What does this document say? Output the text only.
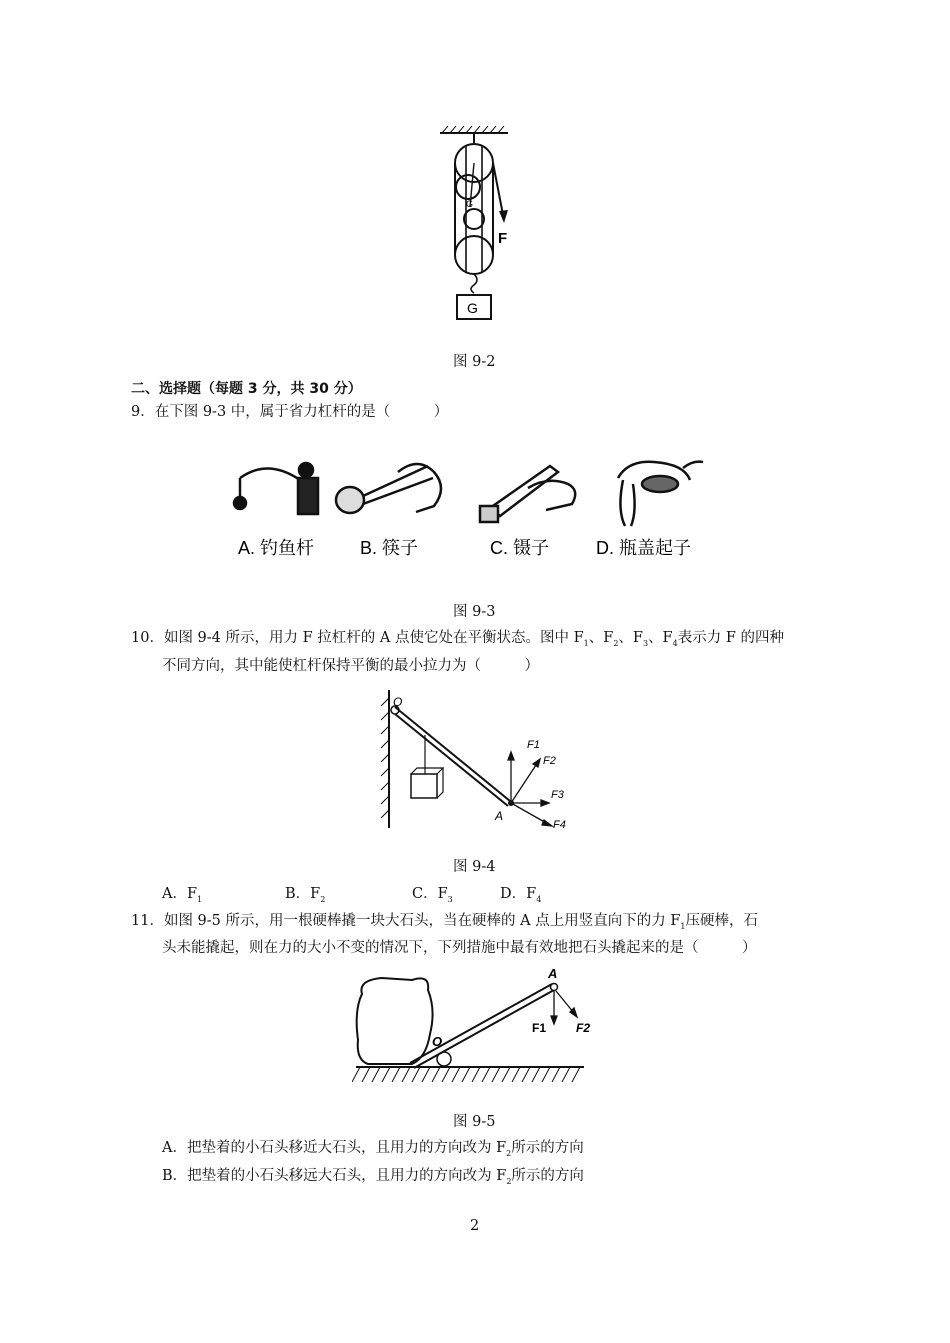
F
G
G
图 9-2
二、选择题（每题 3 分，共 30 分）
9．在下图 9-3 中，属于省力杠杆的是（　　　）
A. 钓鱼杆	B. 筷子	C. 镊子	D. 瓶盖起子
图 9-3
10．如图 9-4 所示，用力 F 拉杠杆的 A 点使它处在平衡状态。图中 $F_1$、$F_2$、$F_3$、$F_4$表示力 F 的四种
不同方向，其中能使杠杆保持平衡的最小拉力为（　　　）
O
A
F1
F2
F3
F4
图 9-4
A．$F_1$	B．$F_2$	C．$F_3$	D．$F_4$
11．如图 9-5 所示，用一根硬棒撬一块大石头，当在硬棒的 A 点上用竖直向下的力 $F_1$压硬棒，石
头未能撬起，则在力的大小不变的情况下，下列措施中最有效地把石头撬起来的是（　　　）
A
O
F1 F2
图 9-5
A．把垫着的小石头移近大石头，且用力的方向改为 $F_2$所示的方向
B．把垫着的小石头移远大石头，且用力的方向改为 $F_2$所示的方向
2
